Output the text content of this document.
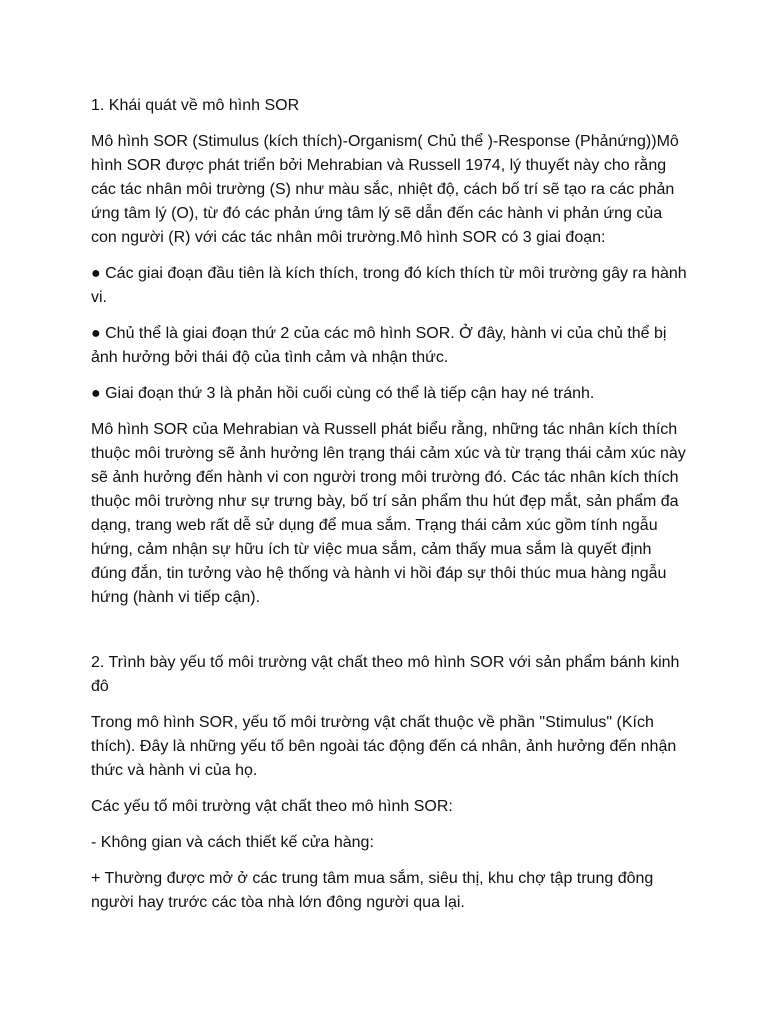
1. Khái quát về mô hình SOR
Mô hình SOR (Stimulus (kích thích)-Organism( Chủ thể )-Response (Phảnứng))Mô hình SOR được phát triển bởi Mehrabian và Russell 1974, lý thuyết này cho rằng các tác nhân môi trường (S) như màu sắc, nhiệt độ, cách bố trí sẽ tạo ra các phản ứng tâm lý (O), từ đó các phản ứng tâm lý sẽ dẫn đến các hành vi phản ứng của con người (R) với các tác nhân môi trường.Mô hình SOR có 3 giai đoạn:
● Các giai đoạn đầu tiên là kích thích, trong đó kích thích từ môi trường gây ra hành vi.
● Chủ thể là giai đoạn thứ 2 của các mô hình SOR. Ở đây, hành vi của chủ thể bị ảnh hưởng bởi thái độ của tình cảm và nhận thức.
● Giai đoạn thứ 3 là phản hồi cuối cùng có thể là tiếp cận hay né tránh.
Mô hình SOR của Mehrabian và Russell phát biểu rằng, những tác nhân kích thích thuộc môi trường sẽ ảnh hưởng lên trạng thái cảm xúc và từ trạng thái cảm xúc này sẽ ảnh hưởng đến hành vi con người trong môi trường đó. Các tác nhân kích thích thuộc môi trường như sự trưng bày, bố trí sản phẩm thu hút đẹp mắt, sản phẩm đa dạng, trang web rất dễ sử dụng để mua sắm. Trạng thái cảm xúc gồm tính ngẫu hứng, cảm nhận sự hữu ích từ việc mua sắm, cảm thấy mua sắm là quyết định đúng đắn, tin tưởng vào hệ thống và hành vi hồi đáp sự thôi thúc mua hàng ngẫu hứng (hành vi tiếp cận).
2. Trình bày yếu tố môi trường vật chất theo mô hình SOR với sản phẩm bánh kinh đô
Trong mô hình SOR, yếu tố môi trường vật chất thuộc về phần "Stimulus" (Kích thích). Đây là những yếu tố bên ngoài tác động đến cá nhân, ảnh hưởng đến nhận thức và hành vi của họ.
Các yếu tố môi trường vật chất theo mô hình SOR:
- Không gian và cách thiết kế cửa hàng:
+ Thường được mở ở các trung tâm mua sắm, siêu thị, khu chợ tập trung đông người hay trước các tòa nhà lớn đông người qua lại.
